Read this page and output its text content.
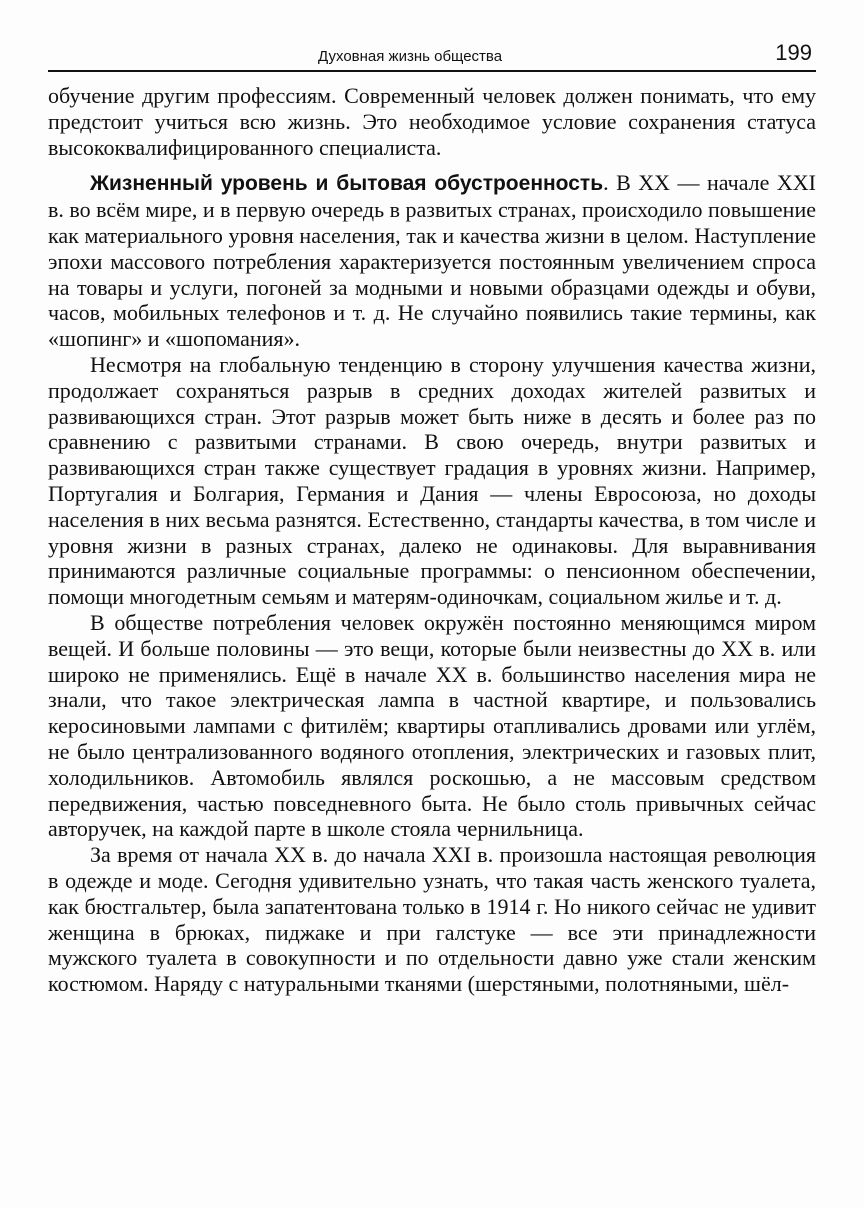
Духовная жизнь общества	199

обучение другим профессиям. Современный человек должен понимать, что ему предстоит учиться всю жизнь. Это необходимое условие сохранения статуса высококвалифицированного специалиста.

Жизненный уровень и бытовая обустроенность. В XX — начале XXI в. во всём мире, и в первую очередь в развитых странах, происходило повышение как материального уровня населения, так и качества жизни в целом. Наступление эпохи массового потребления характеризуется постоянным увеличением спроса на товары и услуги, погоней за модными и новыми образцами одежды и обуви, часов, мобильных телефонов и т. д. Не случайно появились такие термины, как «шопинг» и «шопомания».

Несмотря на глобальную тенденцию в сторону улучшения качества жизни, продолжает сохраняться разрыв в средних доходах жителей развитых и развивающихся стран. Этот разрыв может быть ниже в десять и более раз по сравнению с развитыми странами. В свою очередь, внутри развитых и развивающихся стран также существует градация в уровнях жизни. Например, Португалия и Болгария, Германия и Дания — члены Евросоюза, но доходы населения в них весьма разнятся. Естественно, стандарты качества, в том числе и уровня жизни в разных странах, далеко не одинаковы. Для выравнивания принимаются различные социальные программы: о пенсионном обеспечении, помощи многодетным семьям и матерям-одиночкам, социальном жилье и т. д.

В обществе потребления человек окружён постоянно меняющимся миром вещей. И больше половины — это вещи, которые были неизвестны до XX в. или широко не применялись. Ещё в начале XX в. большинство населения мира не знали, что такое электрическая лампа в частной квартире, и пользовались керосиновыми лампами с фитилём; квартиры отапливались дровами или углём, не было централизованного водяного отопления, электрических и газовых плит, холодильников. Автомобиль являлся роскошью, а не массовым средством передвижения, частью повседневного быта. Не было столь привычных сейчас авторучек, на каждой парте в школе стояла чернильница.

За время от начала XX в. до начала XXI в. произошла настоящая революция в одежде и моде. Сегодня удивительно узнать, что такая часть женского туалета, как бюстгальтер, была запатентована только в 1914 г. Но никого сейчас не удивит женщина в брюках, пиджаке и при галстуке — все эти принадлежности мужского туалета в совокупности и по отдельности давно уже стали женским костюмом. Наряду с натуральными тканями (шерстяными, полотняными, шёл-
